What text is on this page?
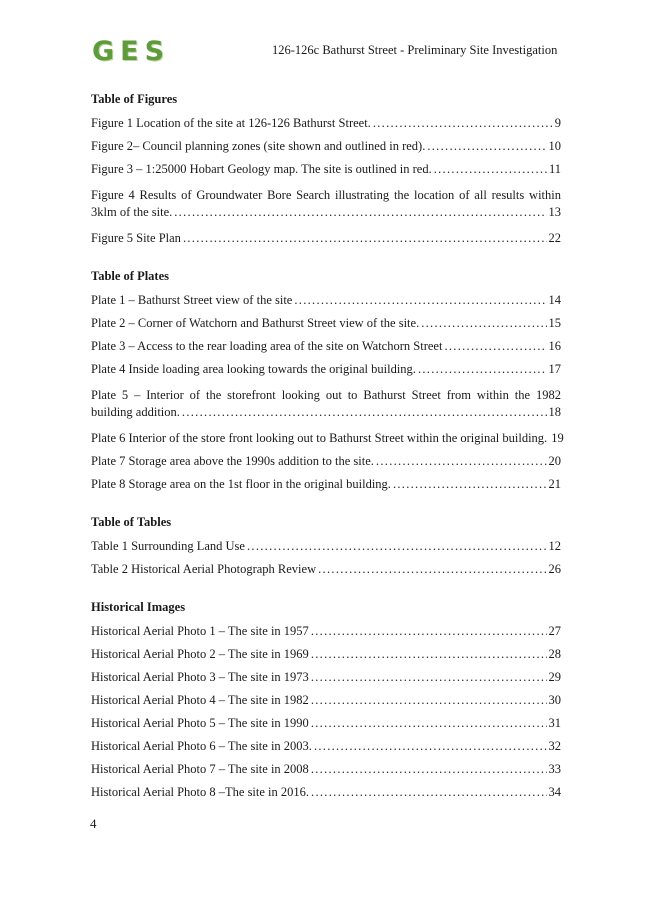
GES	126-126c Bathurst Street - Preliminary Site Investigation
Table of Figures
Figure 1 Location of the site at 126-126 Bathurst Street. .....	9
Figure 2– Council planning zones (site shown and outlined in red). .....	10
Figure 3 – 1:25000 Hobart Geology map. The site is outlined in red. .....	11
Figure 4 Results of Groundwater Bore Search illustrating the location of all results within
3klm of the site. .....	13
Figure 5 Site Plan .....	22
Table of Plates
Plate 1 – Bathurst Street view of the site .....	14
Plate 2 – Corner of Watchorn and Bathurst Street view of the site. .....	15
Plate 3 – Access to the rear loading area of the site on Watchorn Street .....	16
Plate 4 Inside loading area looking towards the original building. .....	17
Plate 5 – Interior of the storefront looking out to Bathurst Street from within the 1982
building addition. .....	18
Plate 6 Interior of the store front looking out to Bathurst Street within the original building. 19
Plate 7 Storage area above the 1990s addition to the site. .....	20
Plate 8 Storage area on the 1st floor in the original building. .....	21
Table of Tables
Table 1 Surrounding Land Use .....	12
Table 2 Historical Aerial Photograph Review .....	26
Historical Images
Historical Aerial Photo 1 – The site in 1957 .....	27
Historical Aerial Photo 2 – The site in 1969 .....	28
Historical Aerial Photo 3 – The site in 1973 .....	29
Historical Aerial Photo 4 – The site in 1982 .....	30
Historical Aerial Photo 5 – The site in 1990 .....	31
Historical Aerial Photo 6 – The site in 2003. .....	32
Historical Aerial Photo 7 – The site in 2008 .....	33
Historical Aerial Photo 8 –The site in 2016. .....	34
4
